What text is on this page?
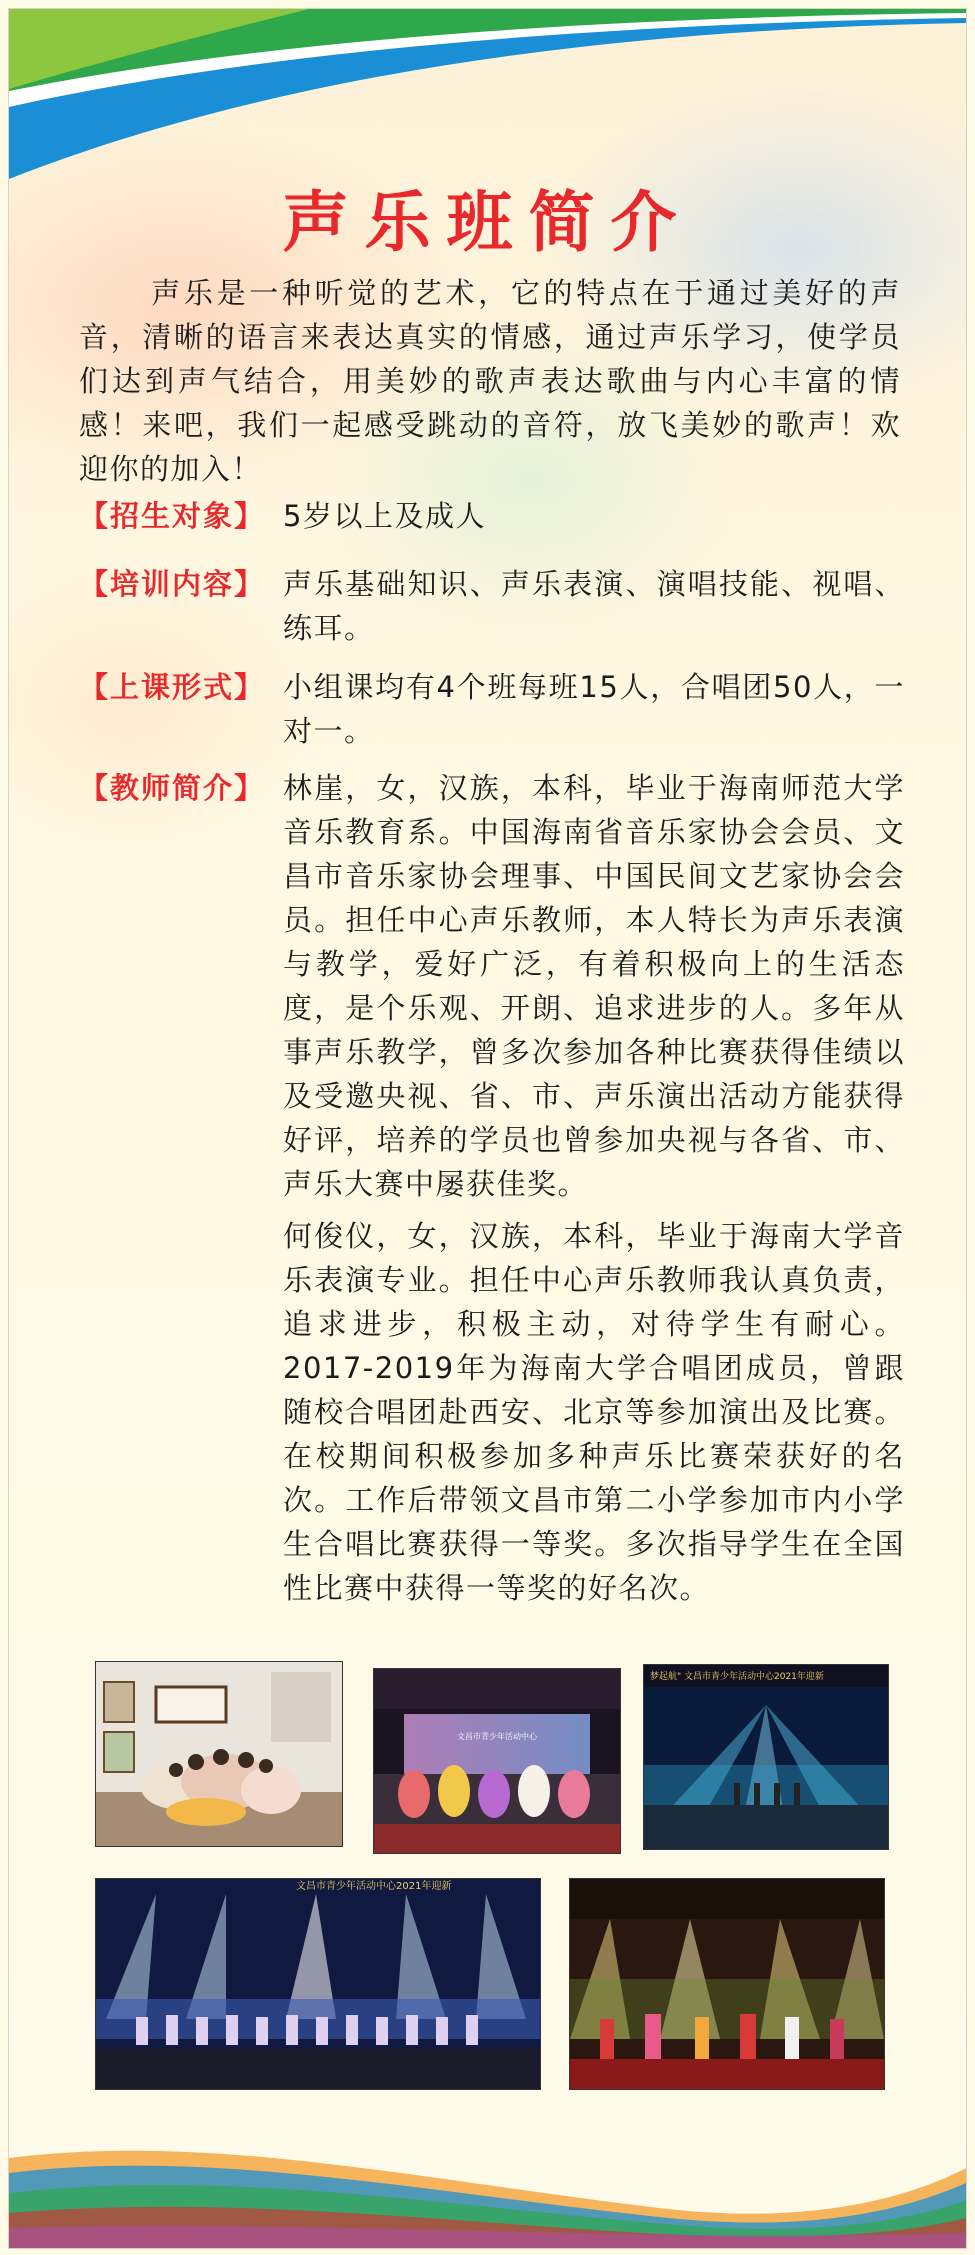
声乐班简介

声乐是一种听觉的艺术，它的特点在于通过美好的声音，清晰的语言来表达真实的情感，通过声乐学习，使学员们达到声气结合，用美妙的歌声表达歌曲与内心丰富的情感！来吧，我们一起感受跳动的音符，放飞美妙的歌声！欢迎你的加入！

【招生对象】 5岁以上及成人

【培训内容】 声乐基础知识、声乐表演、演唱技能、视唱、练耳。

【上课形式】 小组课均有4个班每班15人，合唱团50人，一对一。

【教师简介】 林崖，女，汉族，本科，毕业于海南师范大学音乐教育系。中国海南省音乐家协会会员、文昌市音乐家协会理事、中国民间文艺家协会会员。担任中心声乐教师，本人特长为声乐表演与教学，爱好广泛，有着积极向上的生活态度，是个乐观、开朗、追求进步的人。多年从事声乐教学，曾多次参加各种比赛获得佳绩以及受邀央视、省、市、声乐演出活动方能获得好评，培养的学员也曾参加央视与各省、市、声乐大赛中屡获佳奖。

何俊仪，女，汉族，本科，毕业于海南大学音乐表演专业。担任中心声乐教师我认真负责，追求进步，积极主动，对待学生有耐心。2017-2019年为海南大学合唱团成员，曾跟随校合唱团赴西安、北京等参加演出及比赛。在校期间积极参加多种声乐比赛荣获好的名次。工作后带领文昌市第二小学参加市内小学生合唱比赛获得一等奖。多次指导学生在全国性比赛中获得一等奖的好名次。

文昌市青少年活动中心
梦起航" 文昌市青少年活动中心2021年迎新
文昌市青少年活动中心2021年迎新
